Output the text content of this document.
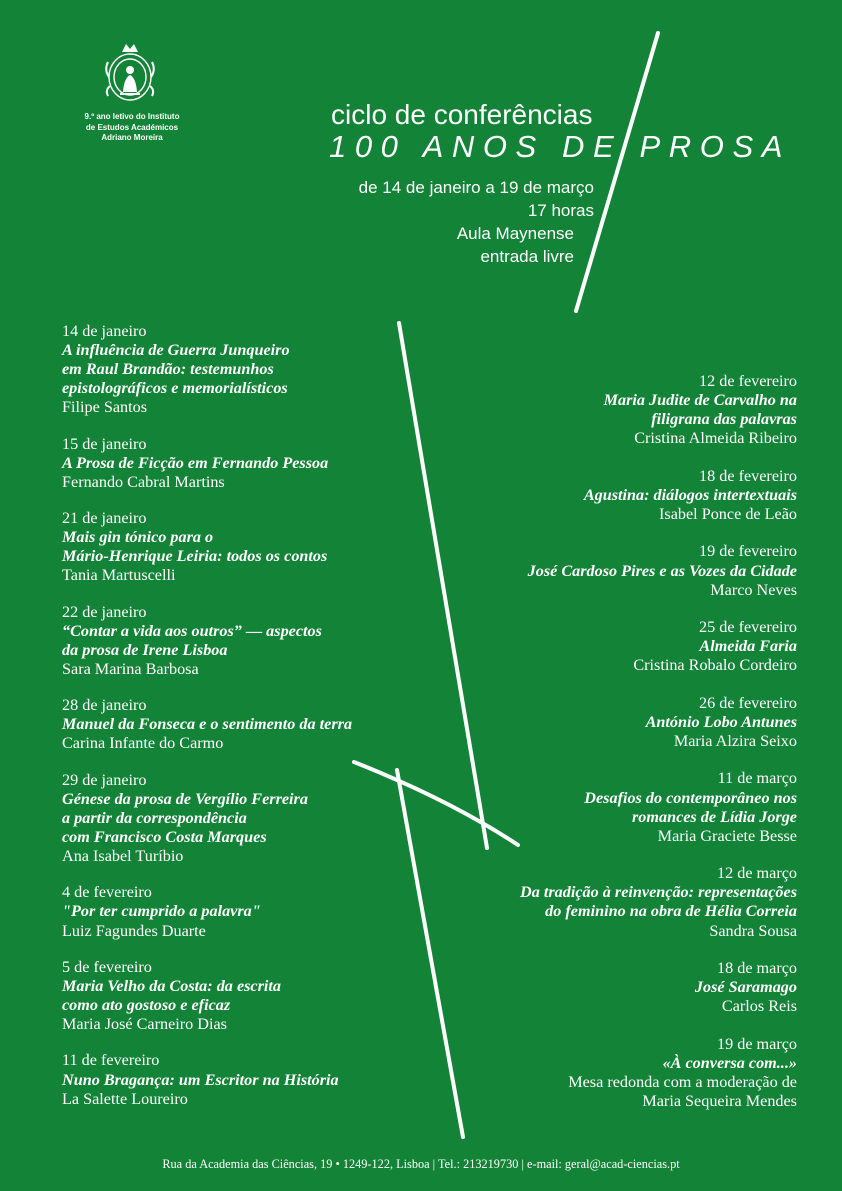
9.º ano letivo do Instituto
de Estudos Académicos
Adriano Moreira
ciclo de conferências
100 ANOS DE PROSA
de 14 de janeiro a 19 de março
17 horas
Aula Maynense
entrada livre
14 de janeiro
A influência de Guerra Junqueiro
em Raul Brandão: testemunhos
epistolográficos e memorialísticos
Filipe Santos
15 de janeiro
A Prosa de Ficção em Fernando Pessoa
Fernando Cabral Martins
21 de janeiro
Mais gin tónico para o
Mário-Henrique Leiria: todos os contos
Tania Martuscelli
22 de janeiro
“Contar a vida aos outros” — aspectos
da prosa de Irene Lisboa
Sara Marina Barbosa
28 de janeiro
Manuel da Fonseca e o sentimento da terra
Carina Infante do Carmo
29 de janeiro
Génese da prosa de Vergílio Ferreira
a partir da correspondência
com Francisco Costa Marques
Ana Isabel Turíbio
4 de fevereiro
"Por ter cumprido a palavra"
Luiz Fagundes Duarte
5 de fevereiro
Maria Velho da Costa: da escrita
como ato gostoso e eficaz
Maria José Carneiro Dias
11 de fevereiro
Nuno Bragança: um Escritor na História
La Salette Loureiro
12 de fevereiro
Maria Judite de Carvalho na
filigrana das palavras
Cristina Almeida Ribeiro
18 de fevereiro
Agustina: diálogos intertextuais
Isabel Ponce de Leão
19 de fevereiro
José Cardoso Pires e as Vozes da Cidade
Marco Neves
25 de fevereiro
Almeida Faria
Cristina Robalo Cordeiro
26 de fevereiro
António Lobo Antunes
Maria Alzira Seixo
11 de março
Desafios do contemporâneo nos
romances de Lídia Jorge
Maria Graciete Besse
12 de março
Da tradição à reinvenção: representações
do feminino na obra de Hélia Correia
Sandra Sousa
18 de março
José Saramago
Carlos Reis
19 de março
«À conversa com...»
Mesa redonda com a moderação de
Maria Sequeira Mendes
Rua da Academia das Ciências, 19 • 1249-122, Lisboa | Tel.: 213219730 | e-mail: geral@acad-ciencias.pt
